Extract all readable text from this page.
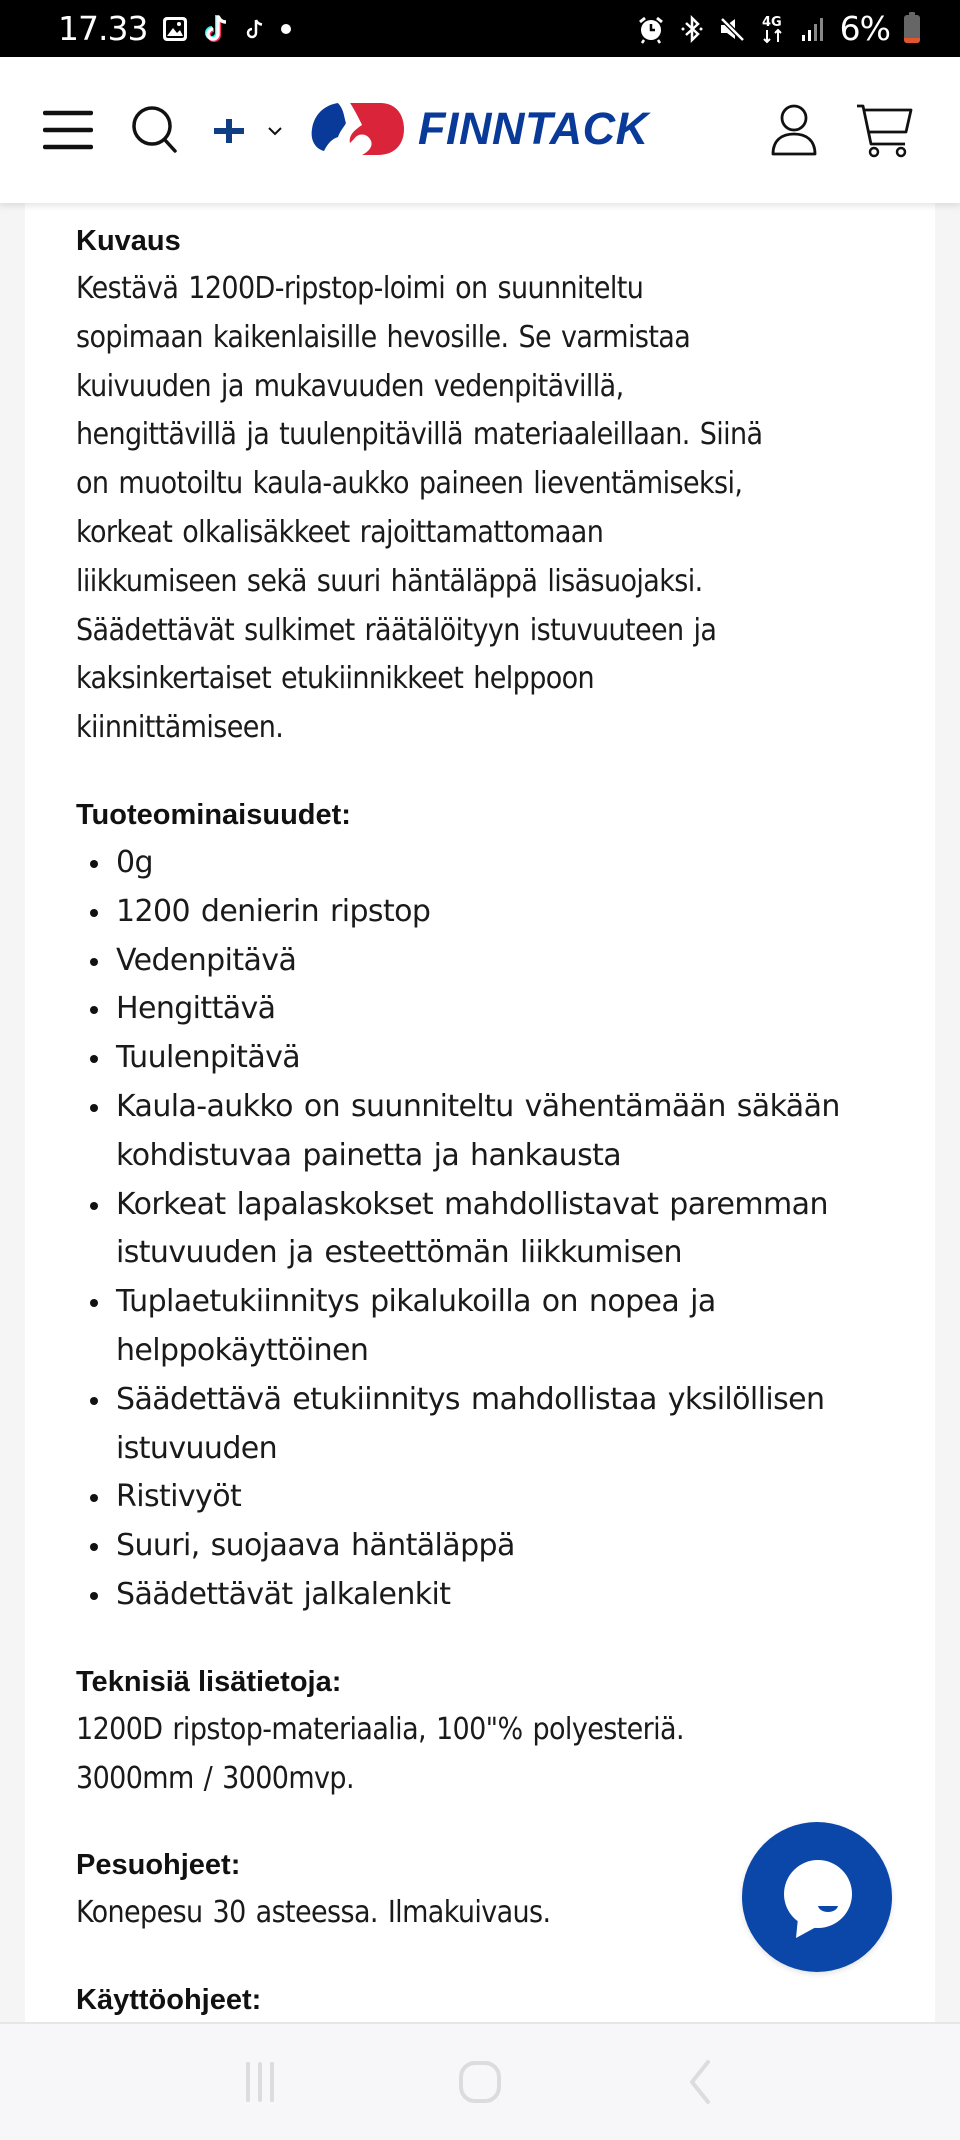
17.33	4G 6%
FINNTACK
Kuvaus
Kestävä 1200D-ripstop-loimi on suunniteltu
sopimaan kaikenlaisille hevosille. Se varmistaa
kuivuuden ja mukavuuden vedenpitävillä,
hengittävillä ja tuulenpitävillä materiaaleillaan. Siinä
on muotoiltu kaula-aukko paineen lieventämiseksi,
korkeat olkalisäkkeet rajoittamattomaan
liikkumiseen sekä suuri häntäläppä lisäsuojaksi.
Säädettävät sulkimet räätälöityyn istuvuuteen ja
kaksinkertaiset etukiinnikkeet helppoon
kiinnittämiseen.
Tuoteominaisuudet:
0g
1200 denierin ripstop
Vedenpitävä
Hengittävä
Tuulenpitävä
Kaula-aukko on suunniteltu vähentämään säkään
kohdistuvaa painetta ja hankausta
Korkeat lapalaskokset mahdollistavat paremman
istuvuuden ja esteettömän liikkumisen
Tuplaetukiinnitys pikalukoilla on nopea ja
helppokäyttöinen
Säädettävä etukiinnitys mahdollistaa yksilöllisen
istuvuuden
Ristivyöt
Suuri, suojaava häntäläppä
Säädettävät jalkalenkit
Teknisiä lisätietoja:
1200D ripstop-materiaalia, 100"% polyesteriä.
3000mm / 3000mvp.
Pesuohjeet:
Konepesu 30 asteessa. Ilmakuivaus.
Käyttöohjeet:
